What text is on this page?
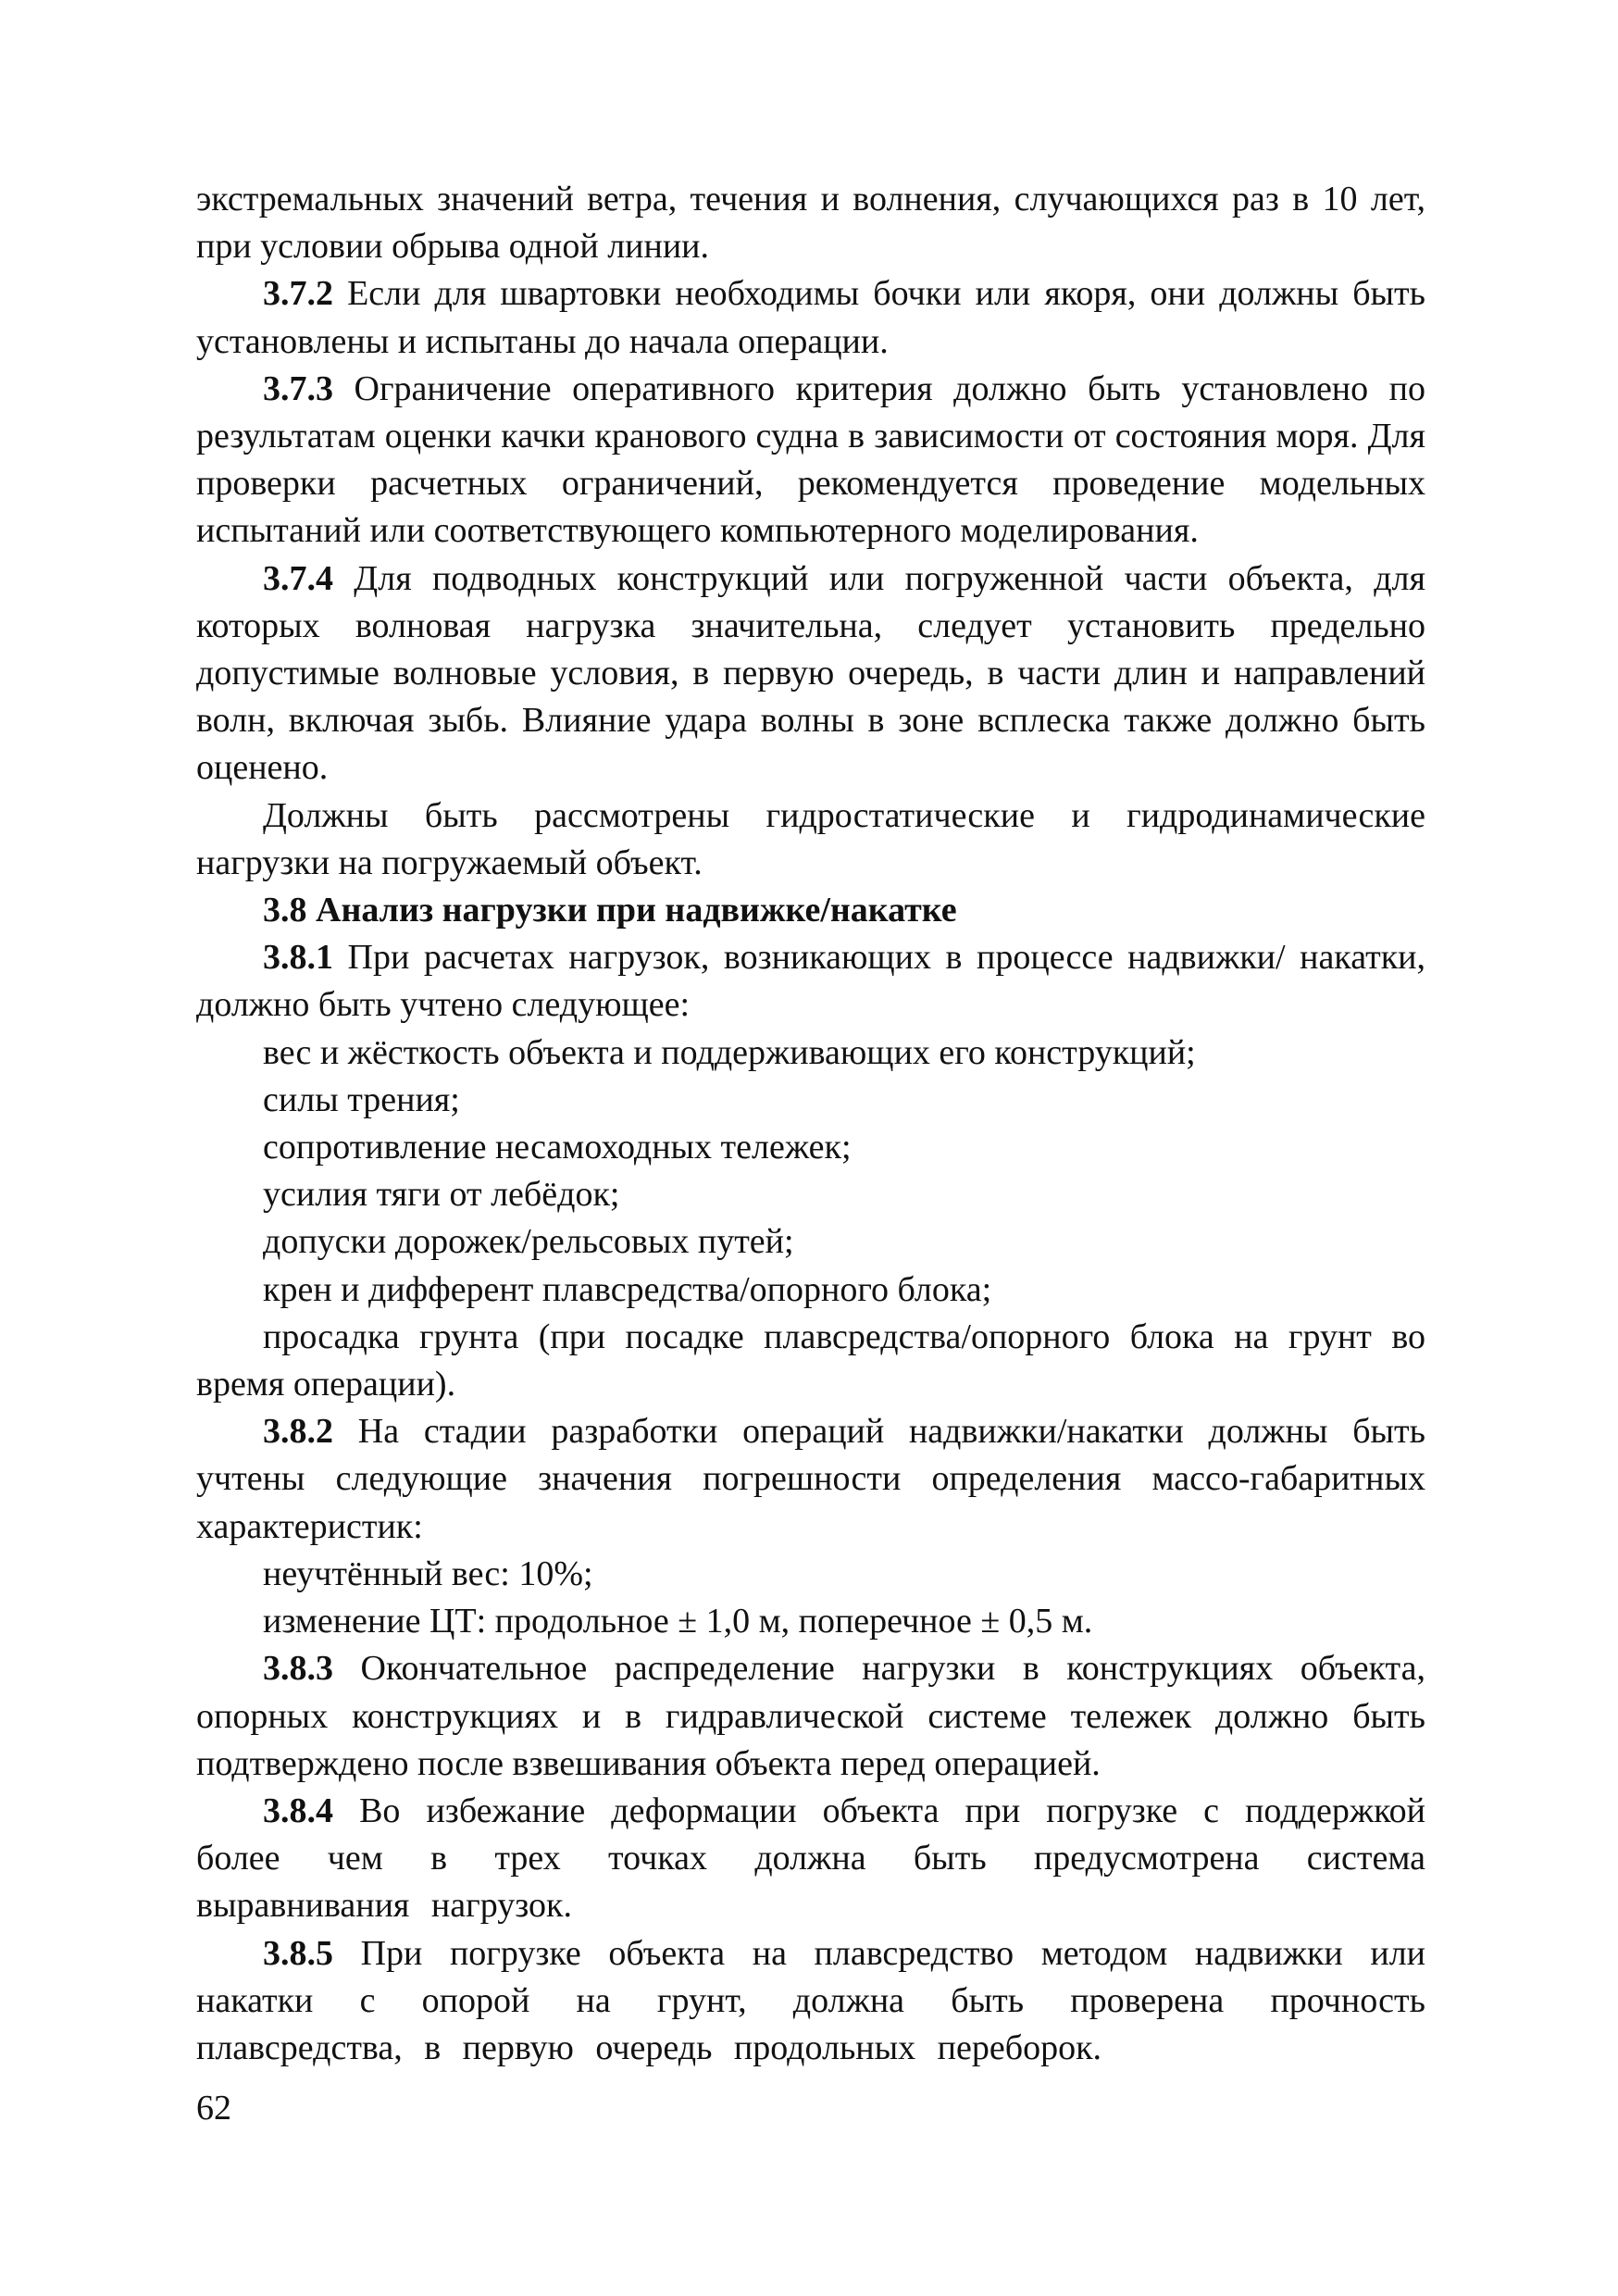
экстремальных значений ветра, течения и волнения, случающихся раз в 10 лет, при условии обрыва одной линии.

3.7.2 Если для швартовки необходимы бочки или якоря, они должны быть установлены и испытаны до начала операции.

3.7.3 Ограничение оперативного критерия должно быть установлено по результатам оценки качки кранового судна в зависимости от состояния моря. Для проверки расчетных ограничений, рекомендуется проведение модельных испытаний или соответствующего компьютерного моделирования.

3.7.4 Для подводных конструкций или погруженной части объекта, для которых волновая нагрузка значительна, следует установить предельно допустимые волновые условия, в первую очередь, в части длин и направлений волн, включая зыбь. Влияние удара волны в зоне всплеска также должно быть оценено.

Должны быть рассмотрены гидростатические и гидродинамические нагрузки на погружаемый объект.

3.8 Анализ нагрузки при надвижке/накатке

3.8.1 При расчетах нагрузок, возникающих в процессе надвижки/ накатки, должно быть учтено следующее:

вес и жёсткость объекта и поддерживающих его конструкций;

силы трения;

сопротивление несамоходных тележек;

усилия тяги от лебёдок;

допуски дорожек/рельсовых путей;

крен и дифферент плавсредства/опорного блока;

просадка грунта (при посадке плавсредства/опорного блока на грунт во время операции).

3.8.2 На стадии разработки операций надвижки/накатки должны быть учтены следующие значения погрешности определения массо-габаритных характеристик:

неучтённый вес: 10%;

изменение ЦТ: продольное ± 1,0 м, поперечное ± 0,5 м.

3.8.3 Окончательное распределение нагрузки в конструкциях объекта, опорных конструкциях и в гидравлической системе тележек должно быть подтверждено после взвешивания объекта перед операцией.

3.8.4 Во избежание деформации объекта при погрузке с поддержкой более чем в трех точках должна быть предусмотрена система выравнивания нагрузок.

3.8.5 При погрузке объекта на плавсредство методом надвижки или накатки с опорой на грунт, должна быть проверена прочность плавсредства, в первую очередь продольных переборок.

62
